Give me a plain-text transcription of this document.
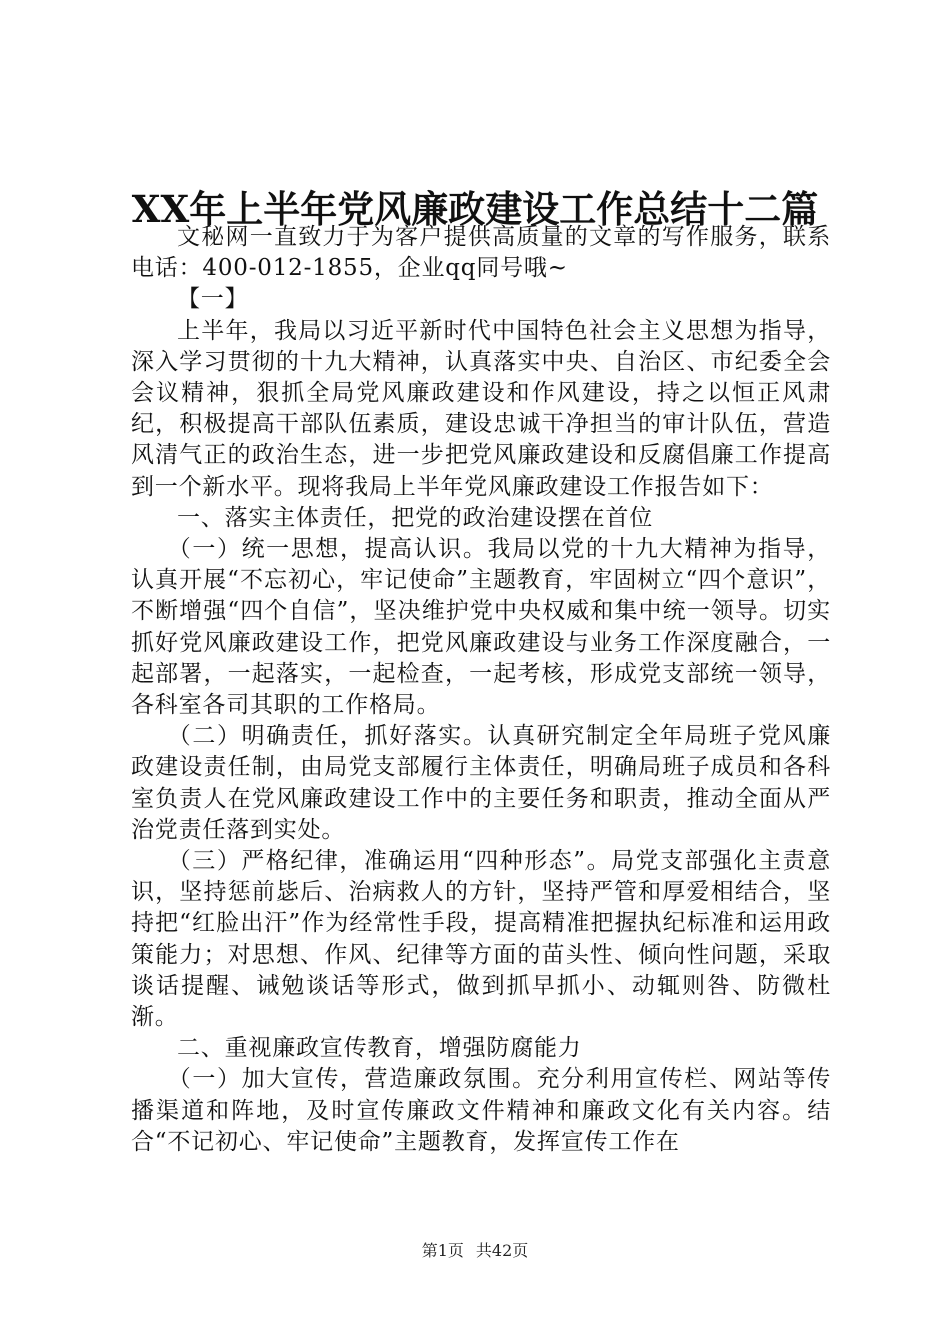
XX年上半年党风廉政建设工作总结十二篇

文秘网一直致力于为客户提供高质量的文章的写作服务，联系电话：400-012-1855，企业qq同号哦~

【一】

上半年，我局以习近平新时代中国特色社会主义思想为指导，深入学习贯彻的十九大精神，认真落实中央、自治区、市纪委全会会议精神，狠抓全局党风廉政建设和作风建设，持之以恒正风肃纪，积极提高干部队伍素质，建设忠诚干净担当的审计队伍，营造风清气正的政治生态，进一步把党风廉政建设和反腐倡廉工作提高到一个新水平。现将我局上半年党风廉政建设工作报告如下：

一、落实主体责任，把党的政治建设摆在首位

（一）统一思想，提高认识。我局以党的十九大精神为指导，认真开展“不忘初心，牢记使命”主题教育，牢固树立“四个意识”，不断增强“四个自信”，坚决维护党中央权威和集中统一领导。切实抓好党风廉政建设工作，把党风廉政建设与业务工作深度融合，一起部署，一起落实，一起检查，一起考核，形成党支部统一领导，各科室各司其职的工作格局。

（二）明确责任，抓好落实。认真研究制定全年局班子党风廉政建设责任制，由局党支部履行主体责任，明确局班子成员和各科室负责人在党风廉政建设工作中的主要任务和职责，推动全面从严治党责任落到实处。

（三）严格纪律，准确运用“四种形态”。局党支部强化主责意识，坚持惩前毖后、治病救人的方针，坚持严管和厚爱相结合，坚持把“红脸出汗”作为经常性手段，提高精准把握执纪标准和运用政策能力；对思想、作风、纪律等方面的苗头性、倾向性问题，采取谈话提醒、诫勉谈话等形式，做到抓早抓小、动辄则咎、防微杜渐。

二、重视廉政宣传教育，增强防腐能力

（一）加大宣传，营造廉政氛围。充分利用宣传栏、网站等传播渠道和阵地，及时宣传廉政文件精神和廉政文化有关内容。结合“不记初心、牢记使命”主题教育，发挥宣传工作在

第1页 共42页
